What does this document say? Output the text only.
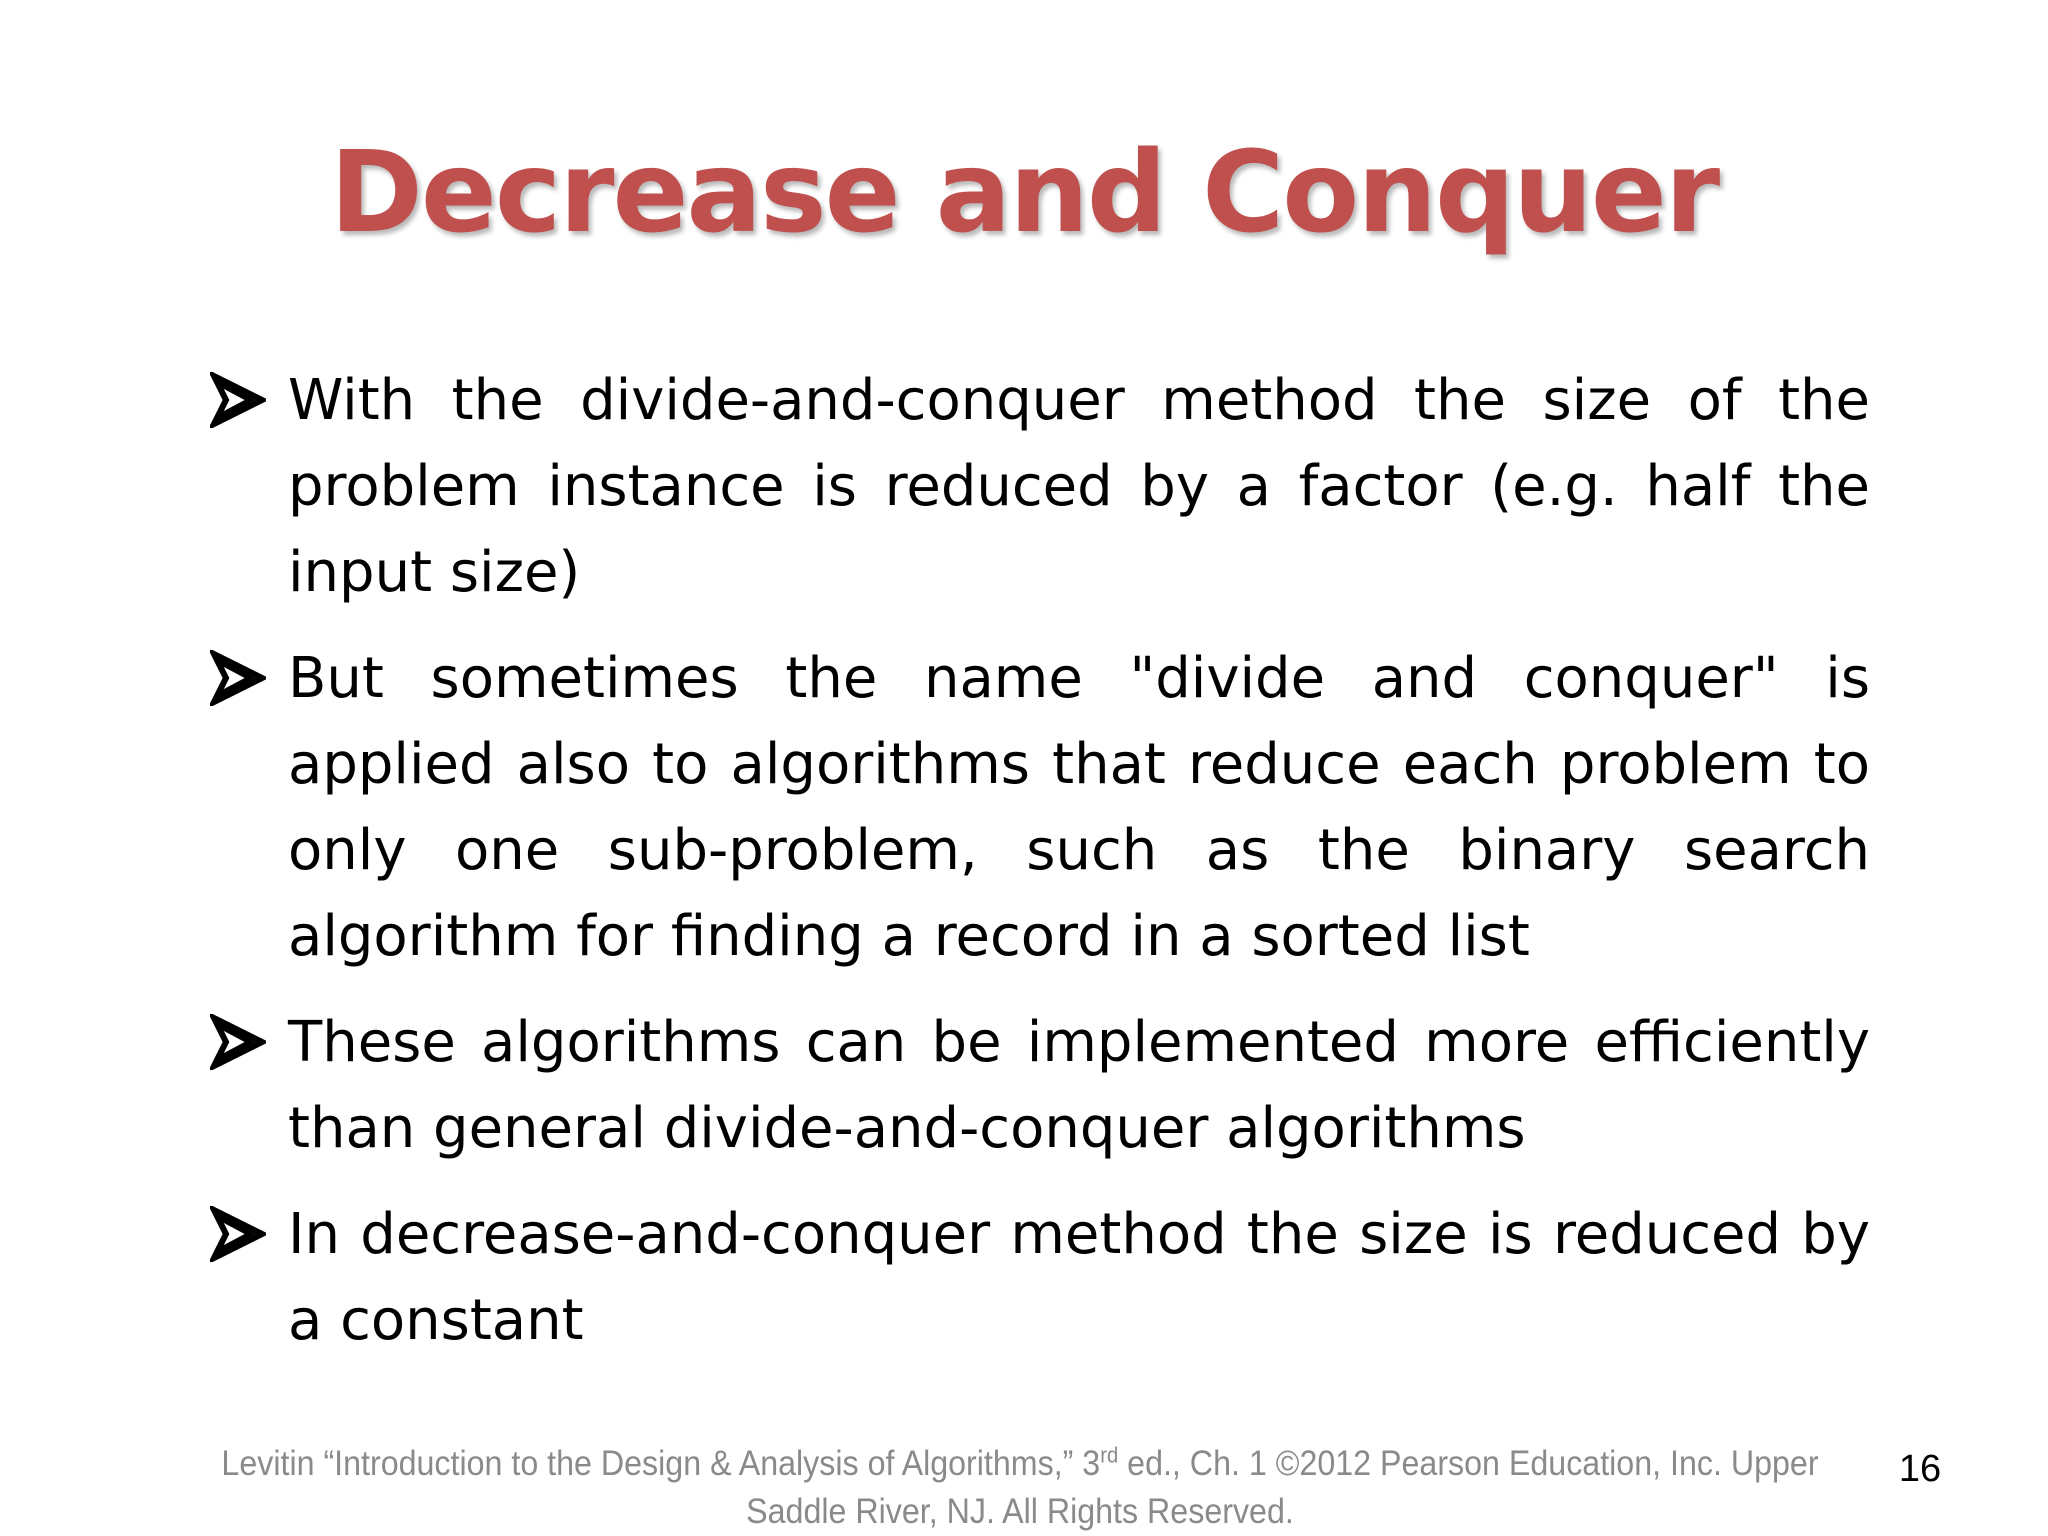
Decrease and Conquer
With the divide-and-conquer method the size of the problem instance is reduced by a factor (e.g. half the input size)
But sometimes the name "divide and conquer" is applied also to algorithms that reduce each problem to only one sub-problem, such as the binary search algorithm for finding a record in a sorted list
These algorithms can be implemented more efficiently than general divide-and-conquer algorithms
In decrease-and-conquer method the size is reduced by a constant
Levitin “Introduction to the Design & Analysis of Algorithms,” 3rd ed., Ch. 1 ©2012 Pearson Education, Inc. Upper
Saddle River, NJ. All Rights Reserved.
16
